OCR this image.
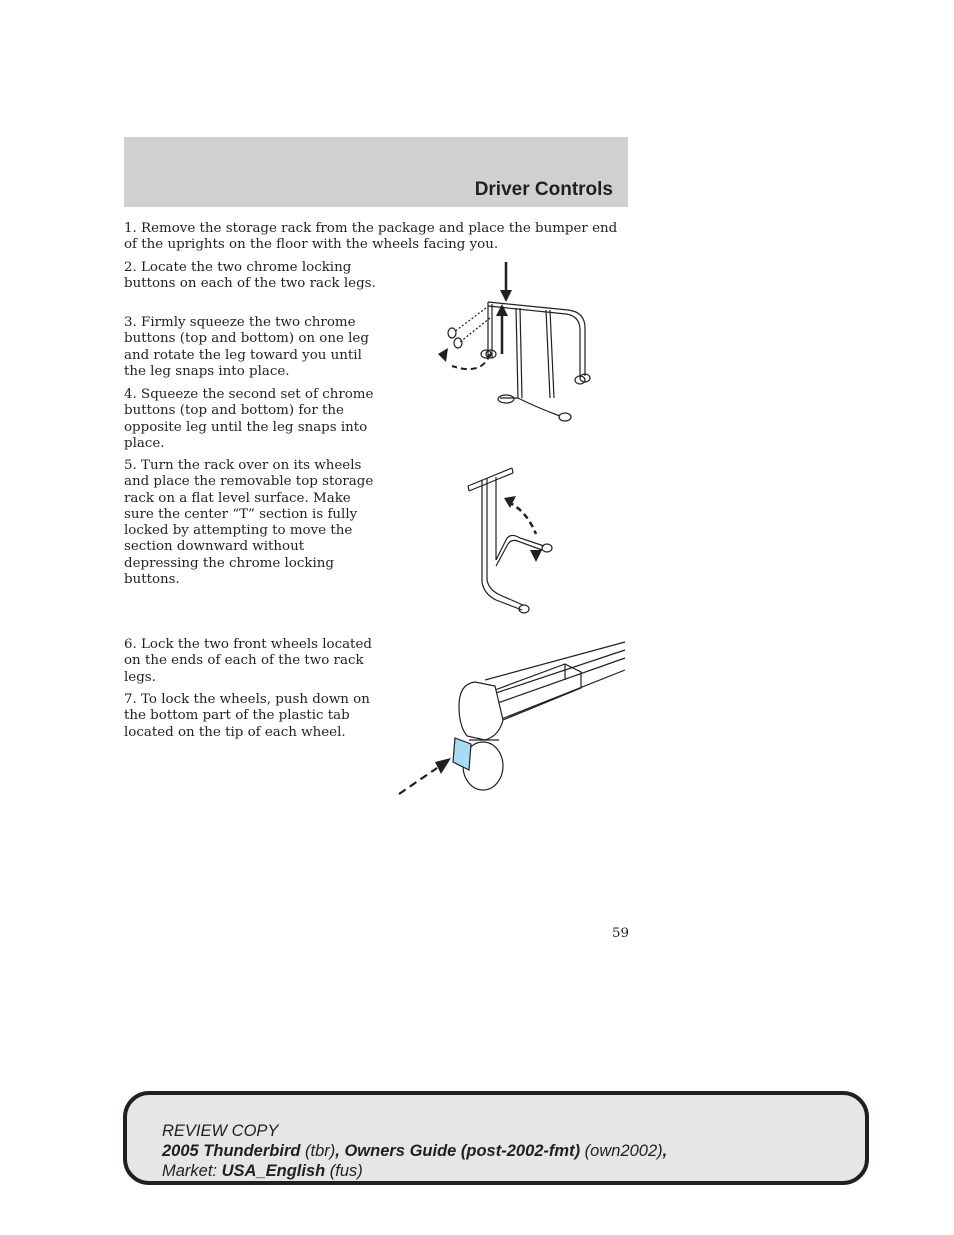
Driver Controls

1. Remove the storage rack from the package and place the bumper end of the uprights on the floor with the wheels facing you.

2. Locate the two chrome locking buttons on each of the two rack legs.

3. Firmly squeeze the two chrome buttons (top and bottom) on one leg and rotate the leg toward you until the leg snaps into place.

4. Squeeze the second set of chrome buttons (top and bottom) for the opposite leg until the leg snaps into place.

5. Turn the rack over on its wheels and place the removable top storage rack on a flat level surface. Make sure the center “T” section is fully locked by attempting to move the section downward without depressing the chrome locking buttons.

6. Lock the two front wheels located on the ends of each of the two rack legs.

7. To lock the wheels, push down on the bottom part of the plastic tab located on the tip of each wheel.

59
REVIEW COPY
2005 Thunderbird (tbr), Owners Guide (post-2002-fmt) (own2002),
Market: USA_English (fus)
